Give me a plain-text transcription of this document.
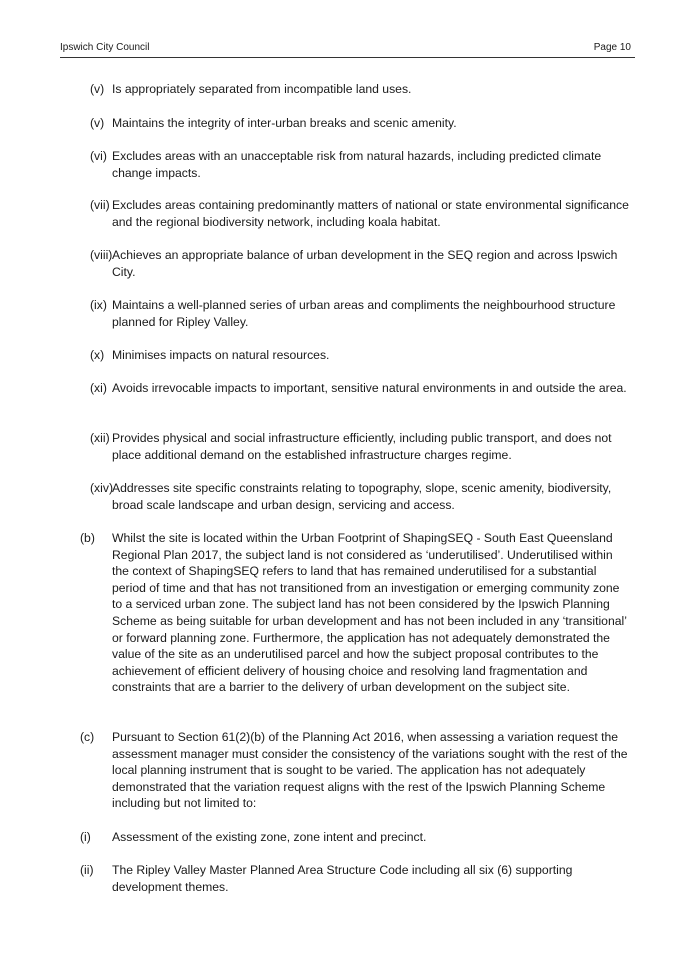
Ipswich City Council	Page 10
(v) Is appropriately separated from incompatible land uses.
(v) Maintains the integrity of inter-urban breaks and scenic amenity.
(vi) Excludes areas with an unacceptable risk from natural hazards, including predicted climate change impacts.
(vii) Excludes areas containing predominantly matters of national or state environmental significance and the regional biodiversity network, including koala habitat.
(viii) Achieves an appropriate balance of urban development in the SEQ region and across Ipswich City.
(ix) Maintains a well-planned series of urban areas and compliments the neighbourhood structure planned for Ripley Valley.
(x) Minimises impacts on natural resources.
(xi) Avoids irrevocable impacts to important, sensitive natural environments in and outside the area.
(xii) Provides physical and social infrastructure efficiently, including public transport, and does not place additional demand on the established infrastructure charges regime.
(xiv)
Addresses site specific constraints relating to topography, slope, scenic amenity, biodiversity, broad scale landscape and urban design, servicing and access.
(b) Whilst the site is located within the Urban Footprint of ShapingSEQ - South East Queensland Regional Plan 2017, the subject land is not considered as ‘underutilised’. Underutilised within the context of ShapingSEQ refers to land that has remained underutilised for a substantial period of time and that has not transitioned from an investigation or emerging community zone to a serviced urban zone. The subject land has not been considered by the Ipswich Planning Scheme as being suitable for urban development and has not been included in any ‘transitional’ or forward planning zone. Furthermore, the application has not adequately demonstrated the value of the site as an underutilised parcel and how the subject proposal contributes to the achievement of efficient delivery of housing choice and resolving land fragmentation and constraints that are a barrier to the delivery of urban development on the subject site.
(c) Pursuant to Section 61(2)(b) of the Planning Act 2016, when assessing a variation request the assessment manager must consider the consistency of the variations sought with the rest of the local planning instrument that is sought to be varied. The application has not adequately demonstrated that the variation request aligns with the rest of the Ipswich Planning Scheme including but not limited to:
(i) Assessment of the existing zone, zone intent and precinct.
(ii) The Ripley Valley Master Planned Area Structure Code including all six (6) supporting development themes.
